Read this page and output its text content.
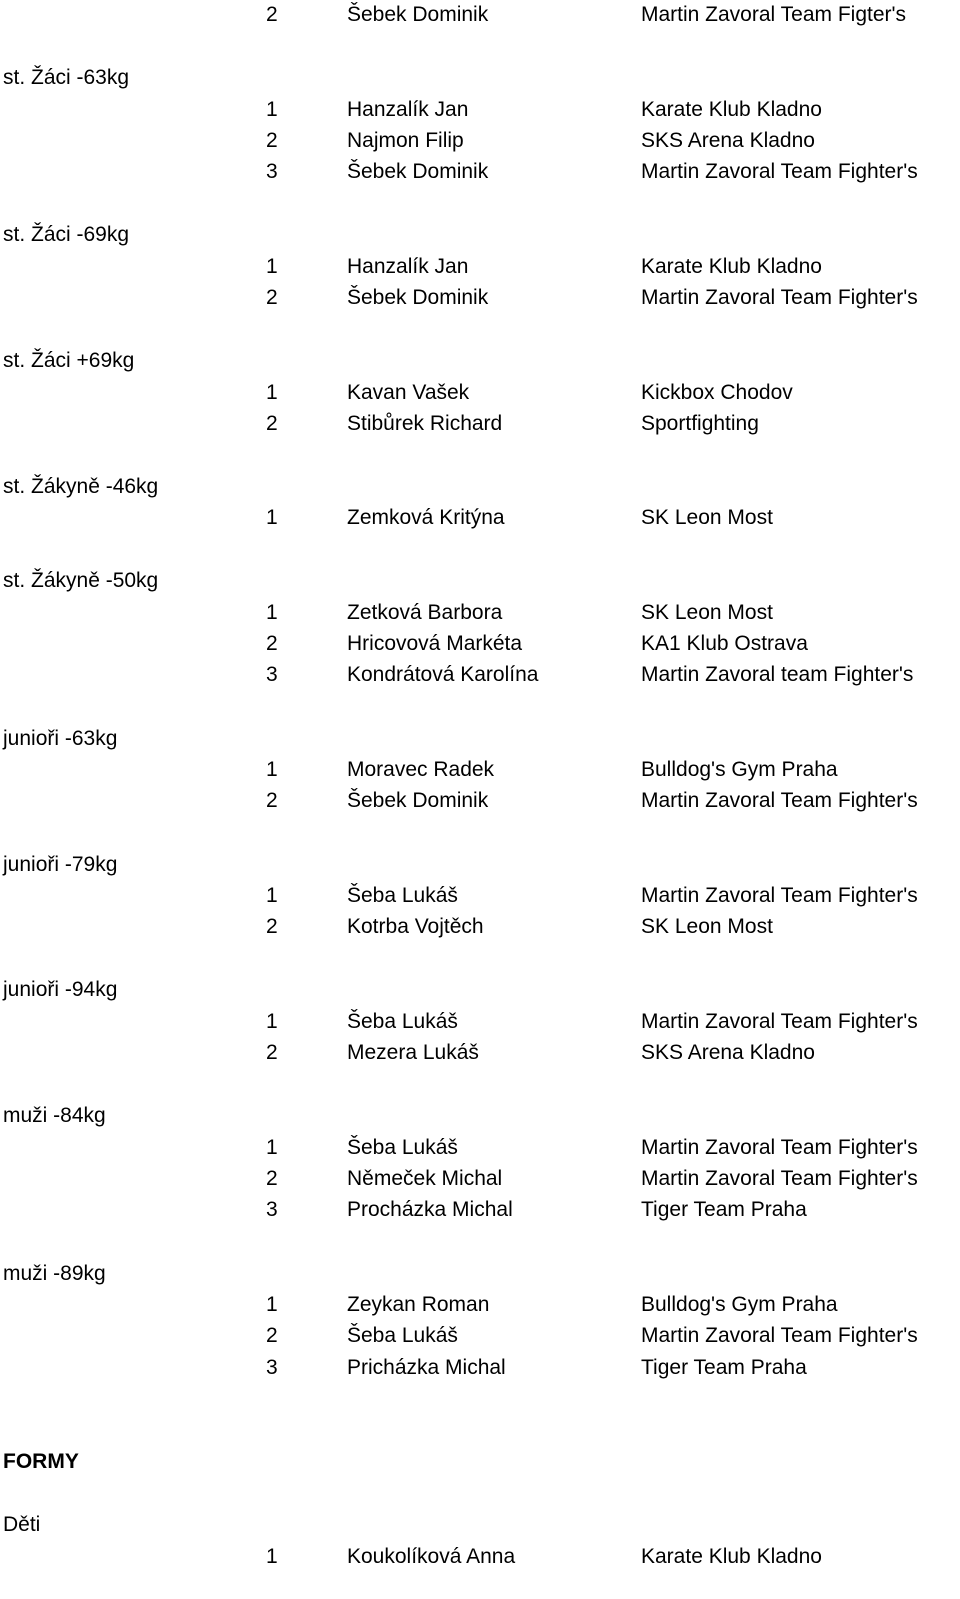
2	Šebek Dominik	Martin Zavoral Team Figter's
st. Žáci -63kg
1	Hanzalík Jan	Karate Klub Kladno
2	Najmon Filip	SKS Arena Kladno
3	Šebek Dominik	Martin Zavoral Team Fighter's
st. Žáci -69kg
1	Hanzalík Jan	Karate Klub Kladno
2	Šebek Dominik	Martin Zavoral Team Fighter's
st. Žáci +69kg
1	Kavan Vašek	Kickbox Chodov
2	Stibůrek Richard	Sportfighting
st. Žákyně -46kg
1	Zemková Kritýna	SK Leon Most
st. Žákyně -50kg
1	Zetková Barbora	SK Leon Most
2	Hricovová Markéta	KA1 Klub Ostrava
3	Kondrátová Karolína	Martin Zavoral team Fighter's
junioři -63kg
1	Moravec Radek	Bulldog's Gym Praha
2	Šebek Dominik	Martin Zavoral Team Fighter's
junioři -79kg
1	Šeba Lukáš	Martin Zavoral Team Fighter's
2	Kotrba Vojtěch	SK Leon Most
junioři -94kg
1	Šeba Lukáš	Martin Zavoral Team Fighter's
2	Mezera Lukáš	SKS Arena Kladno
muži -84kg
1	Šeba Lukáš	Martin Zavoral Team Fighter's
2	Němeček Michal	Martin Zavoral Team Fighter's
3	Procházka Michal	Tiger Team Praha
muži -89kg
1	Zeykan Roman	Bulldog's Gym Praha
2	Šeba Lukáš	Martin Zavoral Team Fighter's
3	Pricházka Michal	Tiger Team Praha
FORMY
Děti
1	Koukolíková Anna	Karate Klub Kladno
